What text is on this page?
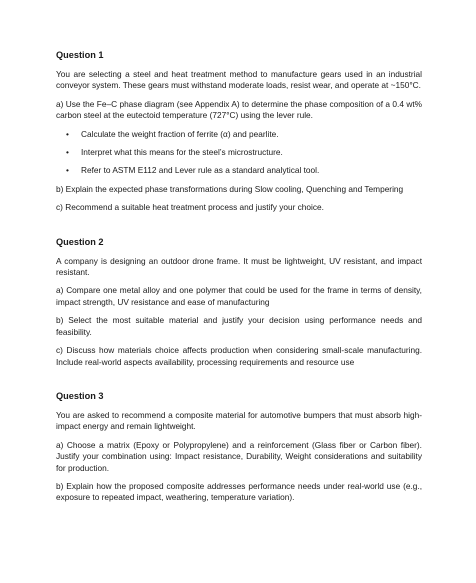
Question 1

You are selecting a steel and heat treatment method to manufacture gears used in an industrial conveyor system. These gears must withstand moderate loads, resist wear, and operate at ~150°C.

a) Use the Fe–C phase diagram (see Appendix A) to determine the phase composition of a 0.4 wt% carbon steel at the eutectoid temperature (727°C) using the lever rule.

• Calculate the weight fraction of ferrite (α) and pearlite.
• Interpret what this means for the steel’s microstructure.
• Refer to ASTM E112 and Lever rule as a standard analytical tool.

b) Explain the expected phase transformations during Slow cooling, Quenching and Tempering

c) Recommend a suitable heat treatment process and justify your choice.

Question 2

A company is designing an outdoor drone frame. It must be lightweight, UV resistant, and impact resistant.

a) Compare one metal alloy and one polymer that could be used for the frame in terms of density, impact strength, UV resistance and ease of manufacturing

b) Select the most suitable material and justify your decision using performance needs and feasibility.

c) Discuss how materials choice affects production when considering small-scale manufacturing. Include real-world aspects availability, processing requirements and resource use

Question 3

You are asked to recommend a composite material for automotive bumpers that must absorb high-impact energy and remain lightweight.

a) Choose a matrix (Epoxy or Polypropylene) and a reinforcement (Glass fiber or Carbon fiber). Justify your combination using: Impact resistance, Durability, Weight considerations and suitability for production.

b) Explain how the proposed composite addresses performance needs under real-world use (e.g., exposure to repeated impact, weathering, temperature variation).
